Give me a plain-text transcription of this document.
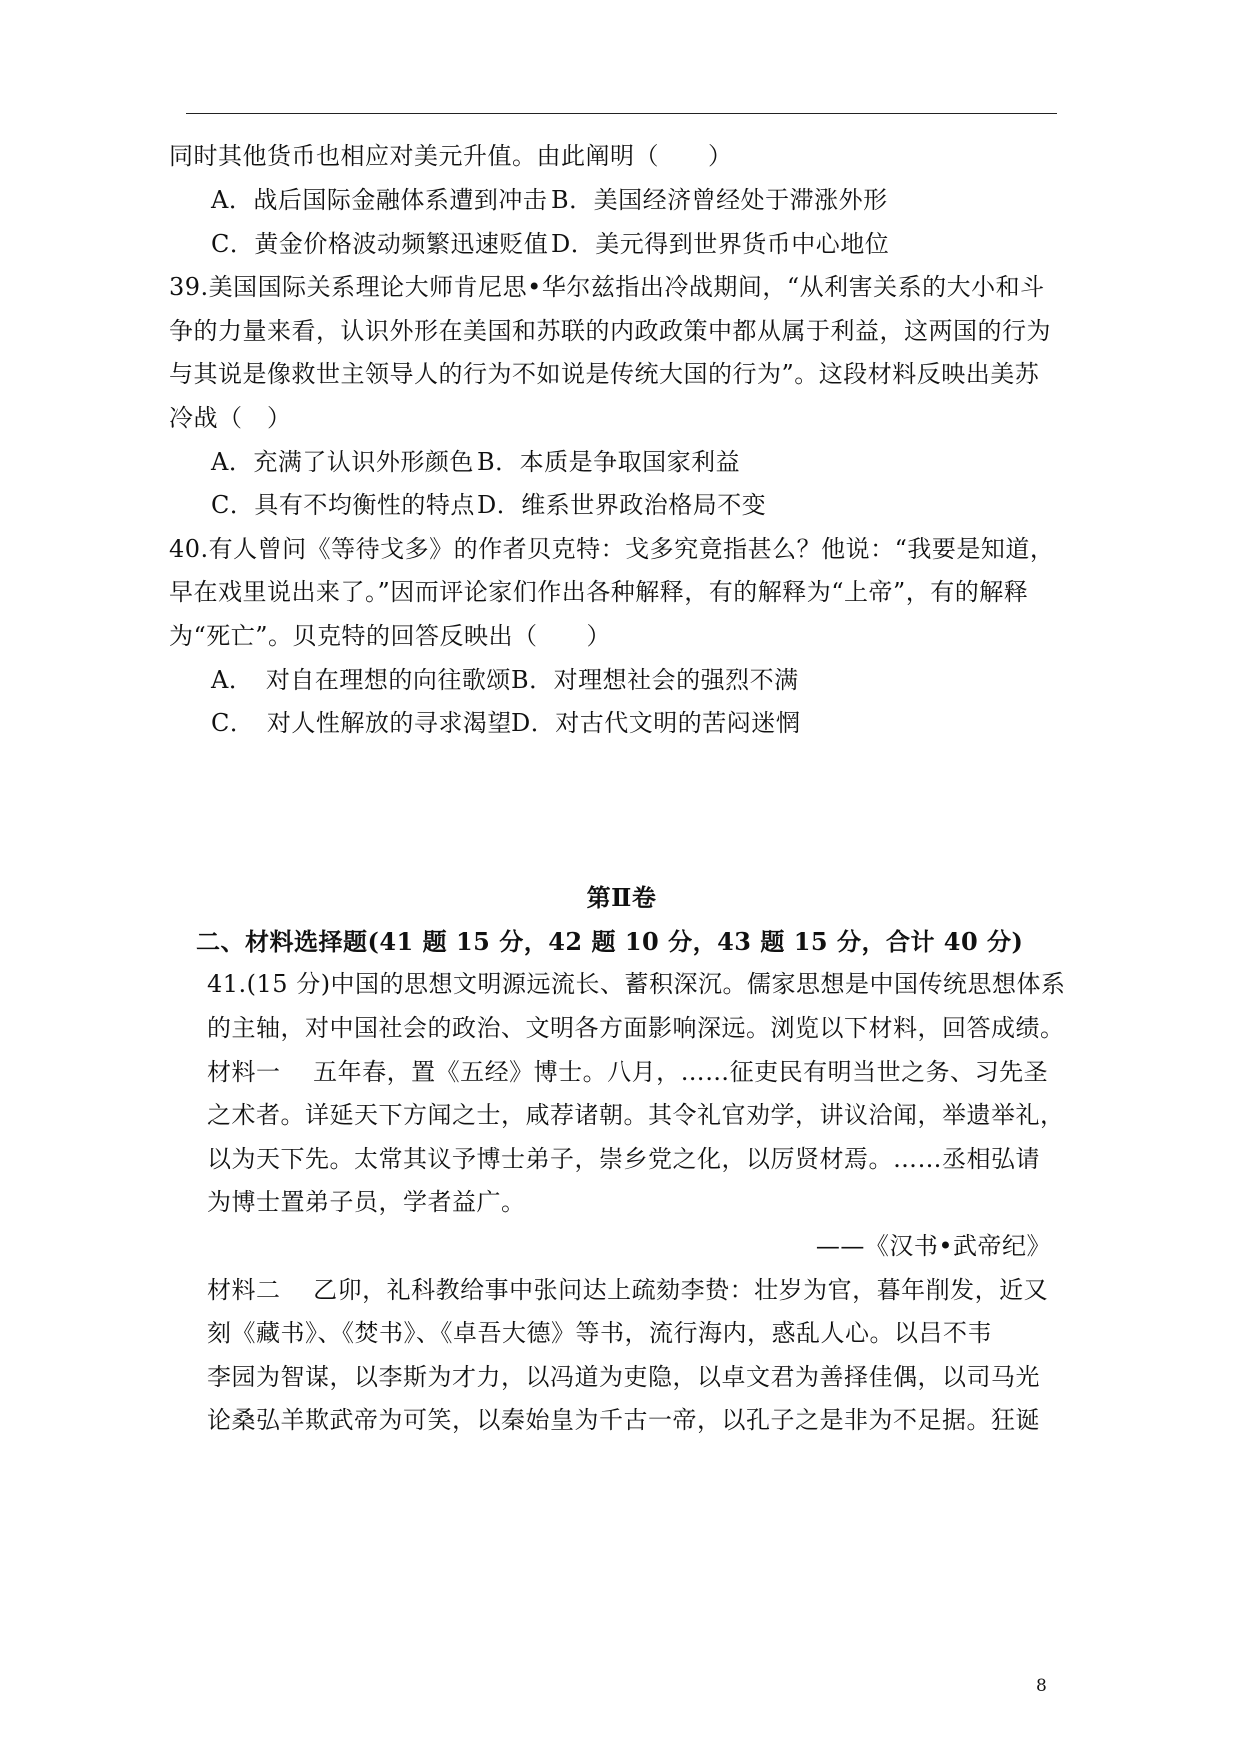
同时其他货币也相应对美元升值。由此阐明（　　）
A．战后国际金融体系遭到冲击 B．美国经济曾经处于滞涨外形
C．黄金价格波动频繁迅速贬值 D．美元得到世界货币中心地位
39.美国国际关系理论大师肯尼思•华尔兹指出冷战期间，“从利害关系的大小和斗
争的力量来看，认识外形在美国和苏联的内政政策中都从属于利益，这两国的行为
与其说是像救世主领导人的行为不如说是传统大国的行为”。这段材料反映出美苏
冷战（　）
A．充满了认识外形颜色 B．本质是争取国家利益
C．具有不均衡性的特点 D．维系世界政治格局不变
40.有人曾问《等待戈多》的作者贝克特：戈多究竟指甚么？他说：“我要是知道，
早在戏里说出来了。”因而评论家们作出各种解释，有的解释为“上帝”，有的解释
为“死亡”。贝克特的回答反映出（　　）
A．　对自在理想的向往歌颂 B．对理想社会的强烈不满
C．　对人性解放的寻求渴望 D．对古代文明的苦闷迷惘
第Ⅱ卷
二、材料选择题(41 题 15 分，42 题 10 分，43 题 15 分，合计 40 分)
41.(15 分)中国的思想文明源远流长、蓄积深沉。儒家思想是中国传统思想体系
的主轴，对中国社会的政治、文明各方面影响深远。浏览以下材料，回答成绩。
材料一　 五年春，置《五经》博士。八月，……征吏民有明当世之务、习先圣
之术者。详延天下方闻之士，咸荐诸朝。其令礼官劝学，讲议洽闻，举遗举礼，
以为天下先。太常其议予博士弟子，崇乡党之化，以厉贤材焉。……丞相弘请
为博士置弟子员，学者益广。
——《汉书•武帝纪》
材料二　 乙卯，礼科教给事中张问达上疏劾李贽：壮岁为官，暮年削发，近又
刻《藏书》、《焚书》、《卓吾大德》等书，流行海内，惑乱人心。以吕不韦
李园为智谋，以李斯为才力，以冯道为吏隐，以卓文君为善择佳偶，以司马光
论桑弘羊欺武帝为可笑，以秦始皇为千古一帝，以孔子之是非为不足据。狂诞
8
